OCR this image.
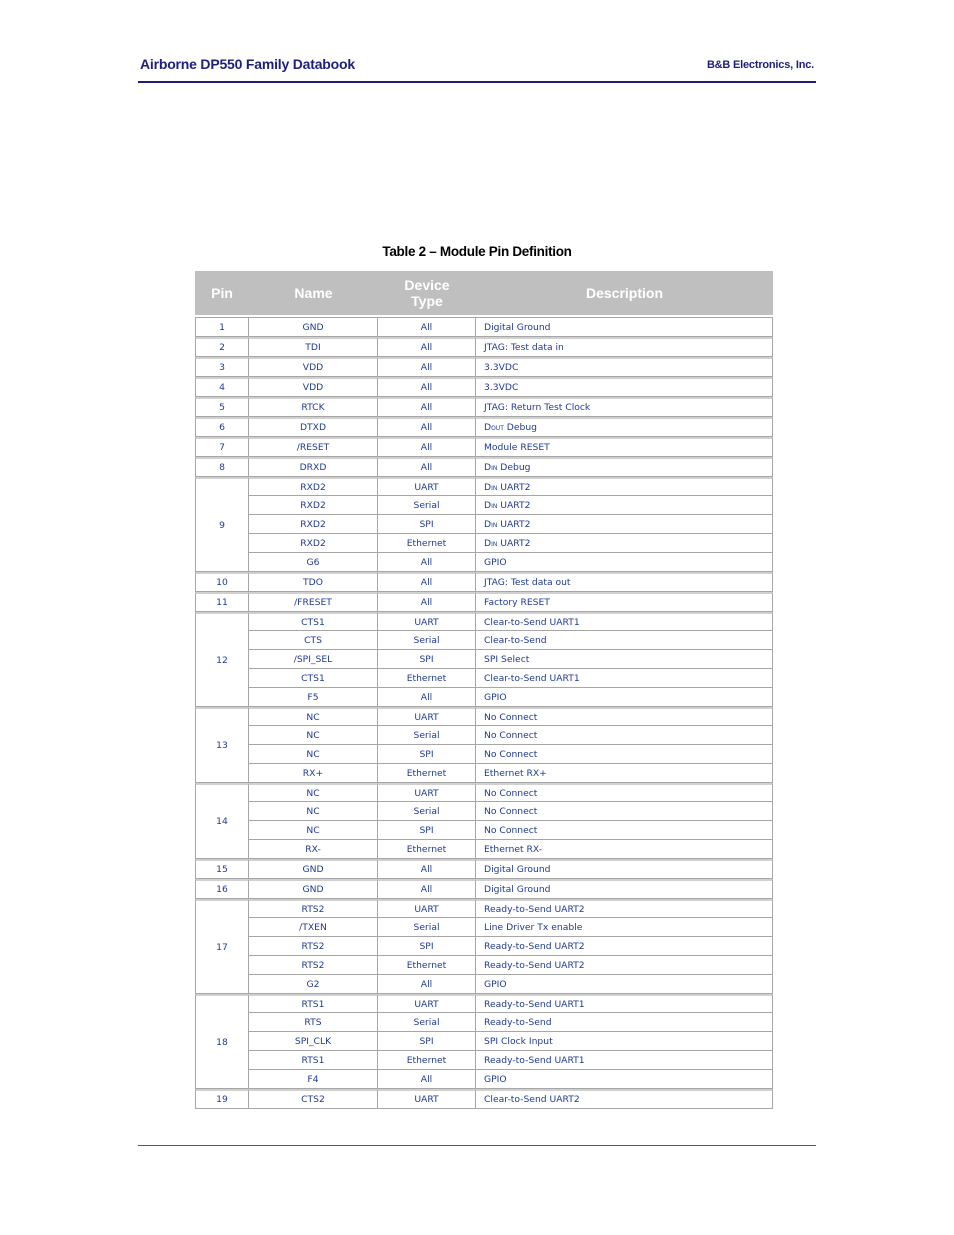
Airborne DP550 Family Databook	B&B Electronics, Inc.
Table 2 – Module Pin Definition
Pin	Name	Device Type	Description
1	GND	All	Digital Ground
2	TDI	All	JTAG: Test data in
3	VDD	All	3.3VDC
4	VDD	All	3.3VDC
5	RTCK	All	JTAG: Return Test Clock
6	DTXD	All	DOUT Debug
7	/RESET	All	Module RESET
8	DRXD	All	DIN Debug
9	RXD2	UART	DIN UART2
	RXD2	Serial	DIN UART2
	RXD2	SPI	DIN UART2
	RXD2	Ethernet	DIN UART2
	G6	All	GPIO
10	TDO	All	JTAG: Test data out
11	/FRESET	All	Factory RESET
12	CTS1	UART	Clear-to-Send UART1
	CTS	Serial	Clear-to-Send
	/SPI_SEL	SPI	SPI Select
	CTS1	Ethernet	Clear-to-Send UART1
	F5	All	GPIO
13	NC	UART	No Connect
	NC	Serial	No Connect
	NC	SPI	No Connect
	RX+	Ethernet	Ethernet RX+
14	NC	UART	No Connect
	NC	Serial	No Connect
	NC	SPI	No Connect
	RX-	Ethernet	Ethernet RX-
15	GND	All	Digital Ground
16	GND	All	Digital Ground
17	RTS2	UART	Ready-to-Send UART2
	/TXEN	Serial	Line Driver Tx enable
	RTS2	SPI	Ready-to-Send UART2
	RTS2	Ethernet	Ready-to-Send UART2
	G2	All	GPIO
18	RTS1	UART	Ready-to-Send UART1
	RTS	Serial	Ready-to-Send
	SPI_CLK	SPI	SPI Clock Input
	RTS1	Ethernet	Ready-to-Send UART1
	F4	All	GPIO
19	CTS2	UART	Clear-to-Send UART2
